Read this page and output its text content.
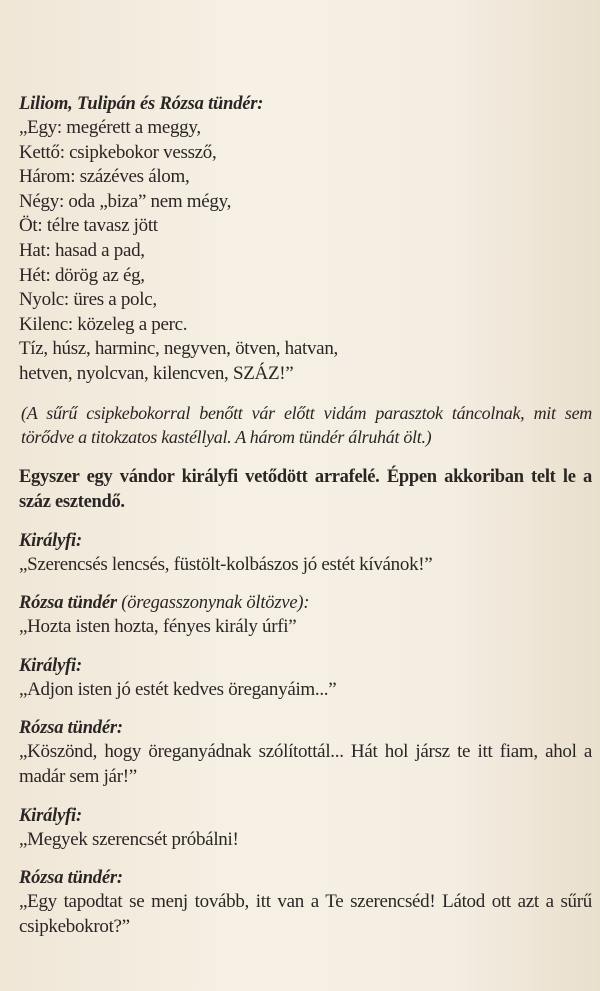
Liliom, Tulipán és Rózsa tündér:

„Egy: megérett a meggy,

Kettő: csipkebokor vessző,

Három: százéves álom,

Négy: oda „biza” nem mégy,

Öt: télre tavasz jött

Hat: hasad a pad,

Hét: dörög az ég,

Nyolc: üres a polc,

Kilenc: közeleg a perc.

Tíz, húsz, harminc, negyven, ötven, hatvan,

hetven, nyolcvan, kilencven, SZÁZ!”

(A sűrű csipkebokorral benőtt vár előtt vidám parasztok táncolnak, mit sem törődve a titokzatos kastéllyal. A három tündér álruhát ölt.)

Egyszer egy vándor királyfi vetődött arrafelé. Éppen akkoriban telt le a száz esztendő.

Királyfi:

„Szerencsés lencsés, füstölt-kolbászos jó estét kívánok!”

Rózsa tündér (öregasszonynak öltözve):

„Hozta isten hozta, fényes király úrfi”

Királyfi:

„Adjon isten jó estét kedves öreganyáim...”

Rózsa tündér:

„Köszönd, hogy öreganyádnak szólítottál... Hát hol jársz te itt fiam, ahol a madár sem jár!”

Királyfi:

„Megyek szerencsét próbálni!

Rózsa tündér:

„Egy tapodtat se menj tovább, itt van a Te szerencséd! Látod ott azt a sűrű csipkebokrot?”
